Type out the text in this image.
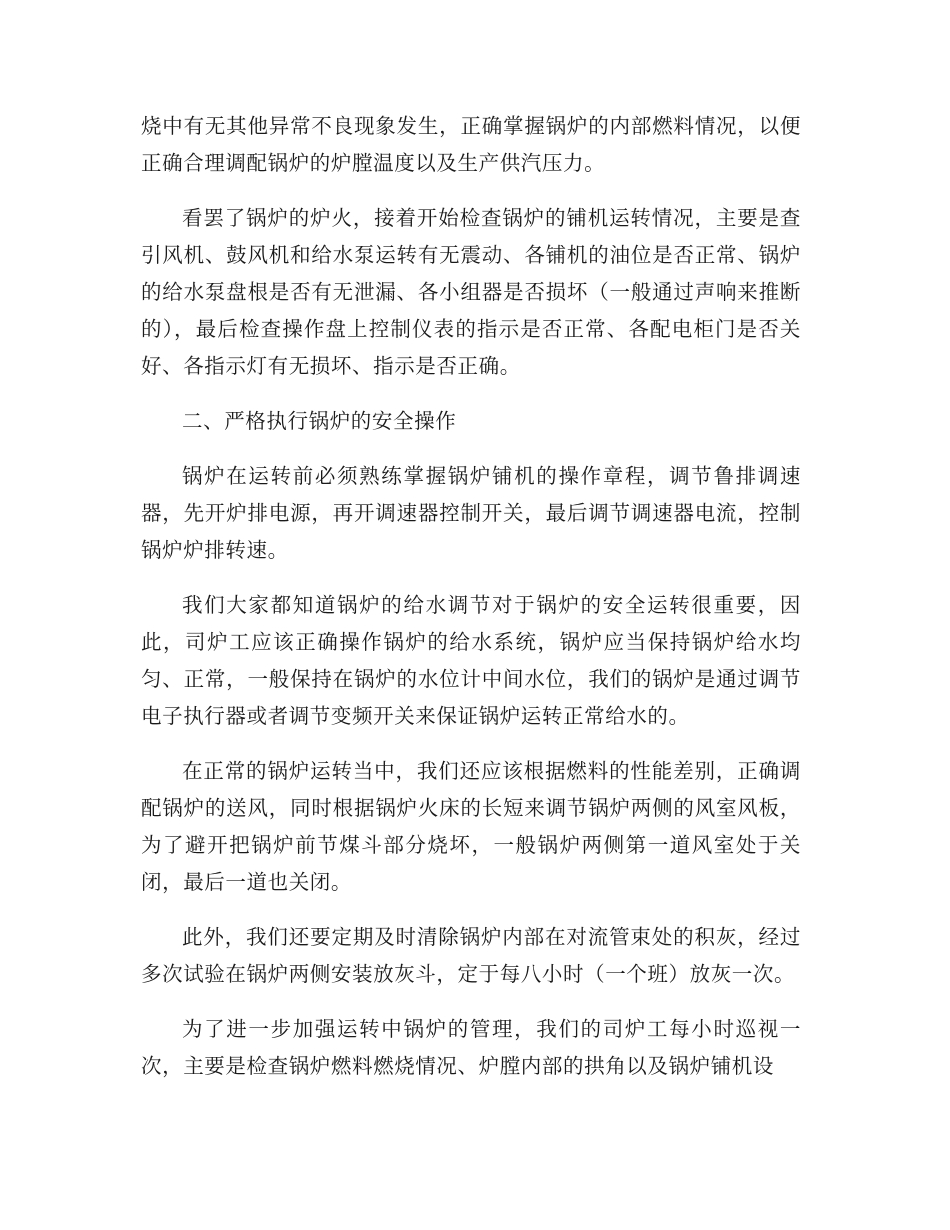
烧中有无其他异常不良现象发生，正确掌握锅炉的内部燃料情况，以便正确合理调配锅炉的炉膛温度以及生产供汽压力。

看罢了锅炉的炉火，接着开始检查锅炉的铺机运转情况，主要是查引风机、鼓风机和给水泵运转有无震动、各铺机的油位是否正常、锅炉的给水泵盘根是否有无泄漏、各小组器是否损坏（一般通过声响来推断的），最后检查操作盘上控制仪表的指示是否正常、各配电柜门是否关好、各指示灯有无损坏、指示是否正确。

二、严格执行锅炉的安全操作

锅炉在运转前必须熟练掌握锅炉铺机的操作章程，调节鲁排调速器，先开炉排电源，再开调速器控制开关，最后调节调速器电流，控制锅炉炉排转速。

我们大家都知道锅炉的给水调节对于锅炉的安全运转很重要，因此，司炉工应该正确操作锅炉的给水系统，锅炉应当保持锅炉给水均匀、正常，一般保持在锅炉的水位计中间水位，我们的锅炉是通过调节电子执行器或者调节变频开关来保证锅炉运转正常给水的。

在正常的锅炉运转当中，我们还应该根据燃料的性能差别，正确调配锅炉的送风，同时根据锅炉火床的长短来调节锅炉两侧的风室风板，为了避开把锅炉前节煤斗部分烧坏，一般锅炉两侧第一道风室处于关闭，最后一道也关闭。

此外，我们还要定期及时清除锅炉内部在对流管束处的积灰，经过多次试验在锅炉两侧安装放灰斗，定于每八小时（一个班）放灰一次。

为了进一步加强运转中锅炉的管理，我们的司炉工每小时巡视一次，主要是检查锅炉燃料燃烧情况、炉膛内部的拱角以及锅炉铺机设
